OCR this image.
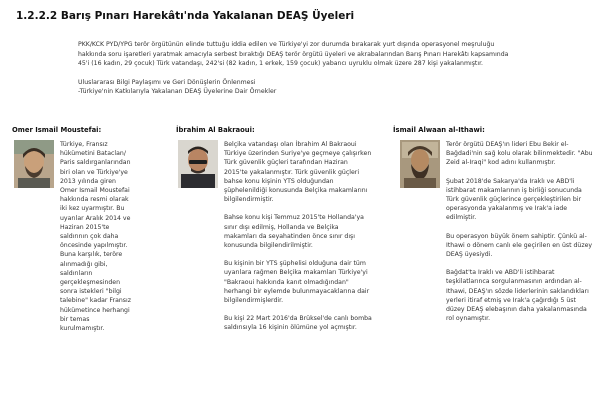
1.2.2.2 Barış Pınarı Harekâtı'nda Yakalanan DEAŞ Üyeleri

PKK/KCK PYD/YPG terör örgütünün elinde tuttuğu iddia edilen ve Türkiye'yi zor durumda bırakarak yurt dışında operasyonel meşruluğu hakkında soru işaretleri yaratmak amacıyla serbest bıraktığı DEAŞ terör örgütü üyeleri ve akrabalarından Barış Pınarı Harekâtı kapsamında 45'i (16 kadın, 29 çocuk) Türk vatandaşı, 242'si (82 kadın, 1 erkek, 159 çocuk) yabancı uyruklu olmak üzere 287 kişi yakalanmıştır.

Uluslararası Bilgi Paylaşımı ve Geri Dönüşlerin Önlenmesi
-Türkiye'nin Katkılarıyla Yakalanan DEAŞ Üyelerine Dair Örnekler

Omer Ismail Moustefai:

Türkiye, Fransız hükümetini Bataclan/ Paris saldırganlarından biri olan ve Türkiye'ye 2013 yılında giren Omer Ismail Moustefai hakkında resmi olarak iki kez uyarmıştır. Bu uyarılar Aralık 2014 ve Haziran 2015'te saldırının çok daha öncesinde yapılmıştır. Buna karşılık, teröre alınmadığı gibi, saldırıların gerçekleşmesinden sonra istekleri "bilgi talebine" kadar Fransız hükümetince herhangi bir temas kurulmamıştır.

İbrahim Al Bakraoui:

Belçika vatandaşı olan İbrahim Al Bakraoui Türkiye üzerinden Suriye'ye geçmeye çalışırken Türk güvenlik güçleri tarafından Haziran 2015'te yakalanmıştır. Türk güvenlik güçleri bahse konu kişinin YTS olduğundan şüphelenildiği konusunda Belçika makamlarını bilgilendirmiştir.

Bahse konu kişi Temmuz 2015'te Hollanda'ya sınır dışı edilmiş, Hollanda ve Belçika makamları da seyahatinden önce sınır dışı konusunda bilgilendirilmiştir.

Bu kişinin bir YTS şüphelisi olduğuna dair tüm uyarılara rağmen Belçika makamları Türkiye'yi "Bakraoui hakkında kanıt olmadığından" herhangi bir eylemde bulunmayacaklarına dair bilgilendirmişlerdir.

Bu kişi 22 Mart 2016'da Brüksel'de canlı bomba saldırısıyla 16 kişinin ölümüne yol açmıştır.

İsmail Alwaan al-Ithawi:

Terör örgütü DEAŞ'ın lideri Ebu Bekir el-Bağdadi'nin sağ kolu olarak bilinmektedir. "Abu Zeid al-Iraqi" kod adını kullanmıştır.

Şubat 2018'de Sakarya'da Iraklı ve ABD'li istihbarat makamlarının iş birliği sonucunda Türk güvenlik güçlerince gerçekleştirilen bir operasyonda yakalanmış ve Irak'a iade edilmiştir.

Bu operasyon büyük önem sahiptir. Çünkü al-Ithawi o dönem canlı ele geçirilen en üst düzey DEAŞ üyesiydi.

Bağdat'ta Iraklı ve ABD'li istihbarat teşkilatlarınca sorgulanmasının ardından al- Ithawi, DEAŞ'ın sözde liderlerinin saklandıkları yerleri itiraf etmiş ve Irak'a çağırdığı 5 üst düzey DEAŞ elebaşının daha yakalanmasında rol oynamıştır.
